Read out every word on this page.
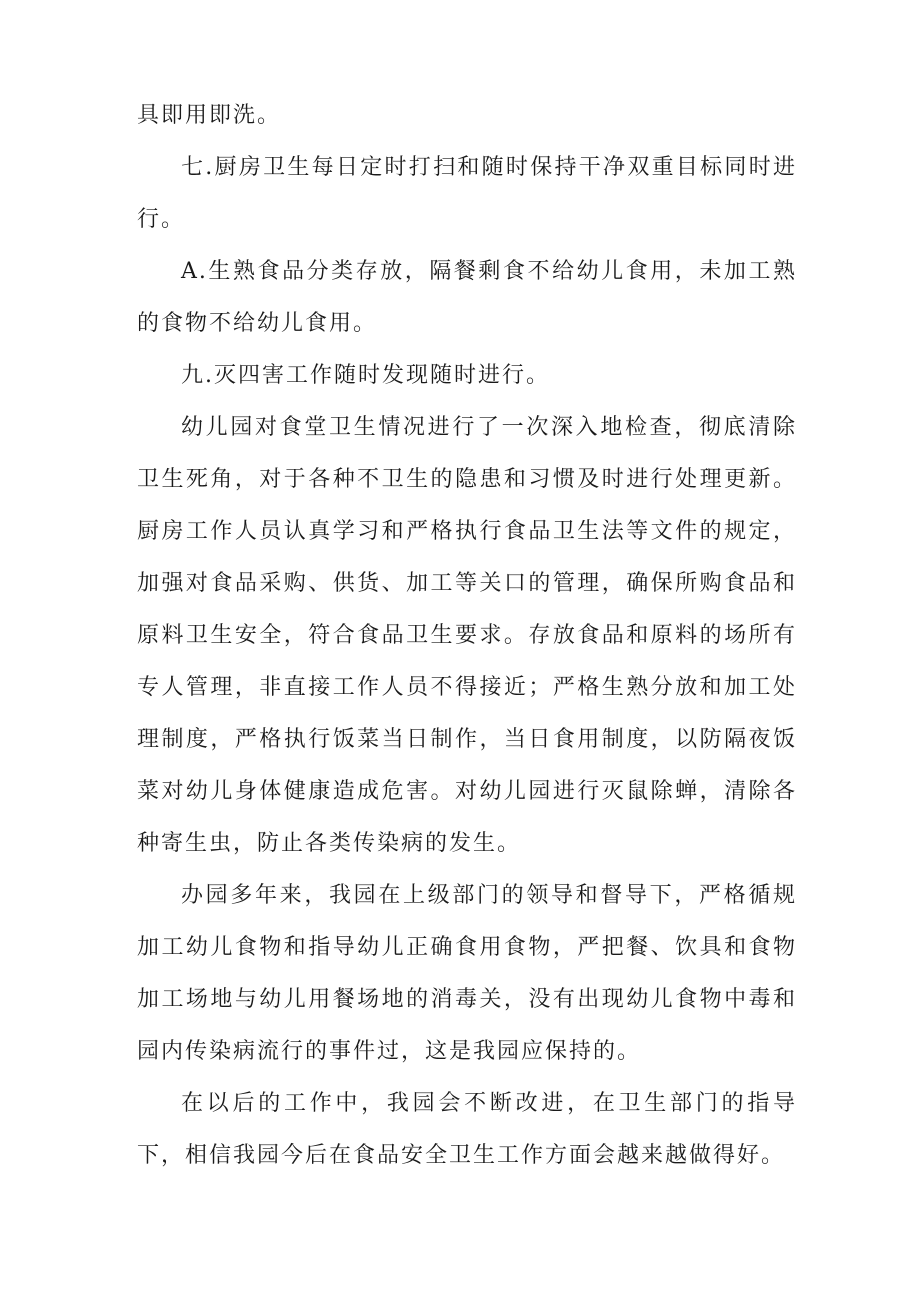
具即用即洗。

七.厨房卫生每日定时打扫和随时保持干净双重目标同时进行。

A.生熟食品分类存放，隔餐剩食不给幼儿食用，未加工熟的食物不给幼儿食用。

九.灭四害工作随时发现随时进行。

幼儿园对食堂卫生情况进行了一次深入地检查，彻底清除卫生死角，对于各种不卫生的隐患和习惯及时进行处理更新。厨房工作人员认真学习和严格执行食品卫生法等文件的规定，加强对食品采购、供货、加工等关口的管理，确保所购食品和原料卫生安全，符合食品卫生要求。存放食品和原料的场所有专人管理，非直接工作人员不得接近；严格生熟分放和加工处理制度，严格执行饭菜当日制作，当日食用制度，以防隔夜饭菜对幼儿身体健康造成危害。对幼儿园进行灭鼠除蝉，清除各种寄生虫，防止各类传染病的发生。

办园多年来，我园在上级部门的领导和督导下，严格循规加工幼儿食物和指导幼儿正确食用食物，严把餐、饮具和食物加工场地与幼儿用餐场地的消毒关，没有出现幼儿食物中毒和园内传染病流行的事件过，这是我园应保持的。

在以后的工作中，我园会不断改进，在卫生部门的指导下，相信我园今后在食品安全卫生工作方面会越来越做得好。
